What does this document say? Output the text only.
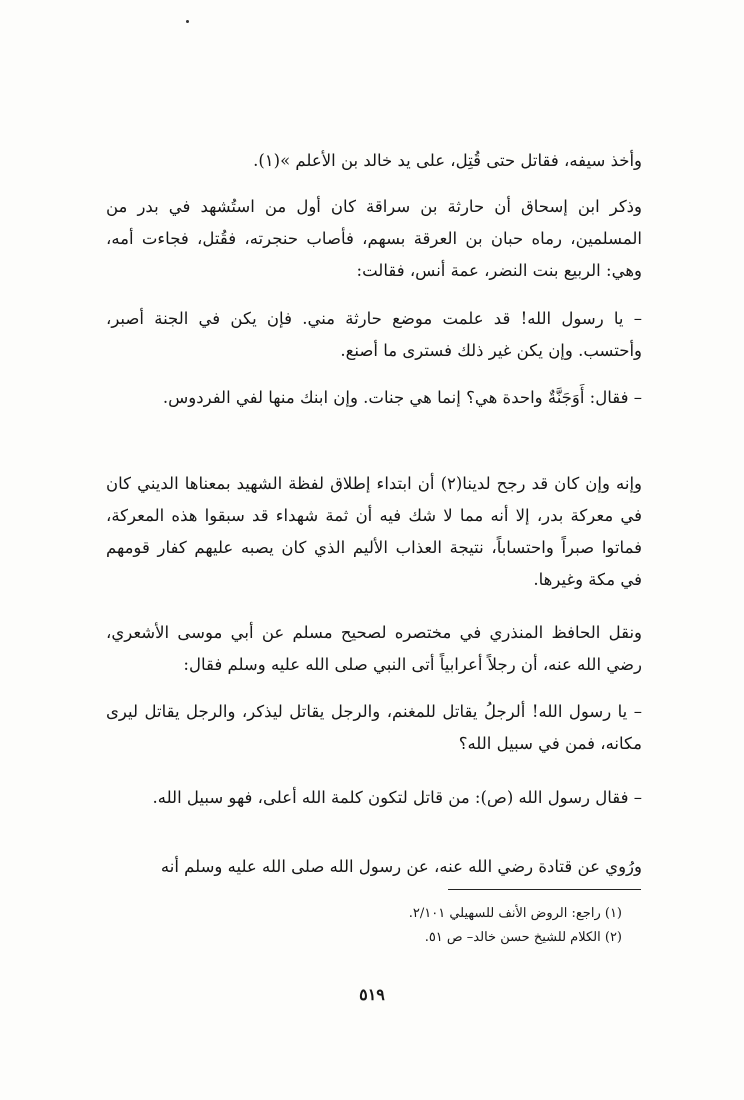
وأخذ سيفه، فقاتل حتى قُتِل، على يد خالد بن الأعلم »(١).

وذكر ابن إسحاق أن حارثة بن سراقة كان أول من استُشهد في بدر من المسلمين، رماه حبان بن العرقة بسهم، فأصاب حنجرته، فقُتل، فجاءت أمه، وهي: الربيع بنت النضر، عمة أنس، فقالت:

– يا رسول الله! قد علمت موضع حارثة مني. فإن يكن في الجنة أصبر، وأحتسب. وإن يكن غير ذلك فسترى ما أصنع.

– فقال: أَوَجَنَّةٌ واحدة هي؟ إنما هي جنات. وإن ابنك منها لفي الفردوس.

وإنه وإن كان قد رجح لدينا(٢) أن ابتداء إطلاق لفظة الشهيد بمعناها الديني كان في معركة بدر، إلا أنه مما لا شك فيه أن ثمة شهداء قد سبقوا هذه المعركة، فماتوا صبراً واحتساباً، نتيجة العذاب الأليم الذي كان يصبه عليهم كفار قومهم في مكة وغيرها.

ونقل الحافظ المنذري في مختصره لصحيح مسلم عن أبي موسى الأشعري، رضي الله عنه، أن رجلاً أعرابياً أتى النبي صلى الله عليه وسلم فقال:

– يا رسول الله! ألرجلُ يقاتل للمغنم، والرجل يقاتل ليذكر، والرجل يقاتل ليرى مكانه، فمن في سبيل الله؟

– فقال رسول الله (ص): من قاتل لتكون كلمة الله أعلى، فهو سبيل الله.

ورُوي عن قتادة رضي الله عنه، عن رسول الله صلى الله عليه وسلم أنه

(١) راجع: الروض الأنف للسهيلي ٢/١٠١.
(٢) الكلام للشيخ حسن خالد– ص ٥١.
٥١٩
